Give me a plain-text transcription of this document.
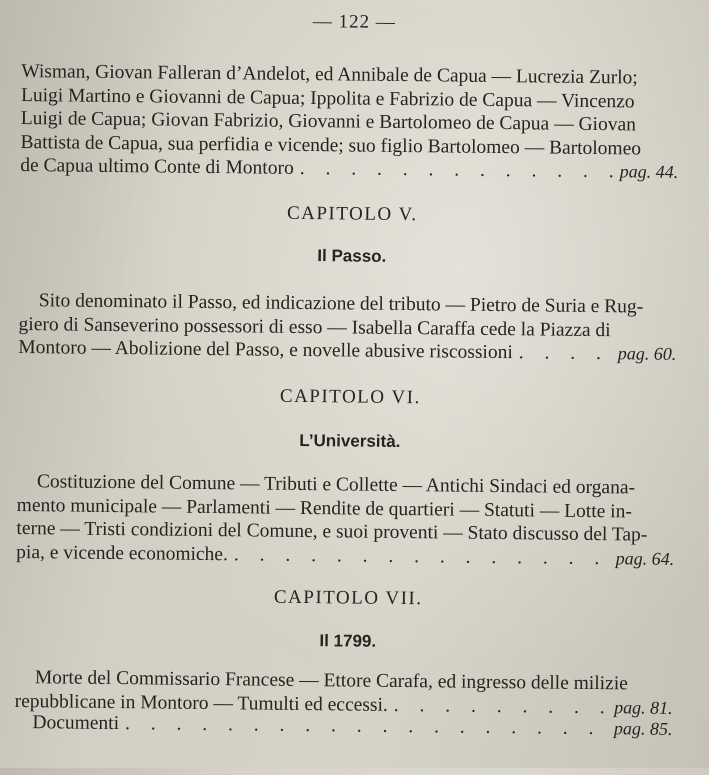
— 122 —
Wisman, Giovan Falleran d’Andelot, ed Annibale de Capua — Lucrezia Zurlo;
Luigi Martino e Giovanni de Capua; Ippolita e Fabrizio de Capua — Vincenzo
Luigi de Capua; Giovan Fabrizio, Giovanni e Bartolomeo de Capua — Giovan
Battista de Capua, sua perfidia e vicende; suo figlio Bartolomeo — Bartolomeo
de Capua ultimo Conte di Montoro . . .	pag. 44.
CAPITOLO V.
Il Passo.
Sito denominato il Passo, ed indicazione del tributo — Pietro de Suria e Rug-
giero di Sanseverino possessori di esso — Isabella Caraffa cede la Piazza di
Montoro — Abolizione del Passo, e novelle abusive riscossioni . . .	pag. 60.
CAPITOLO VI.
L’Università.
Costituzione del Comune — Tributi e Collette — Antichi Sindaci ed organa-
mento municipale — Parlamenti — Rendite de quartieri — Statuti — Lotte in-
terne — Tristi condizioni del Comune, e suoi proventi — Stato discusso del Tap-
pia, e vicende economiche. . . .	pag. 64.
CAPITOLO VII.
Il 1799.
Morte del Commissario Francese — Ettore Carafa, ed ingresso delle milizie
repubblicane in Montoro — Tumulti ed eccessi. . . .	pag. 81.
Documenti . . .	pag. 85.
